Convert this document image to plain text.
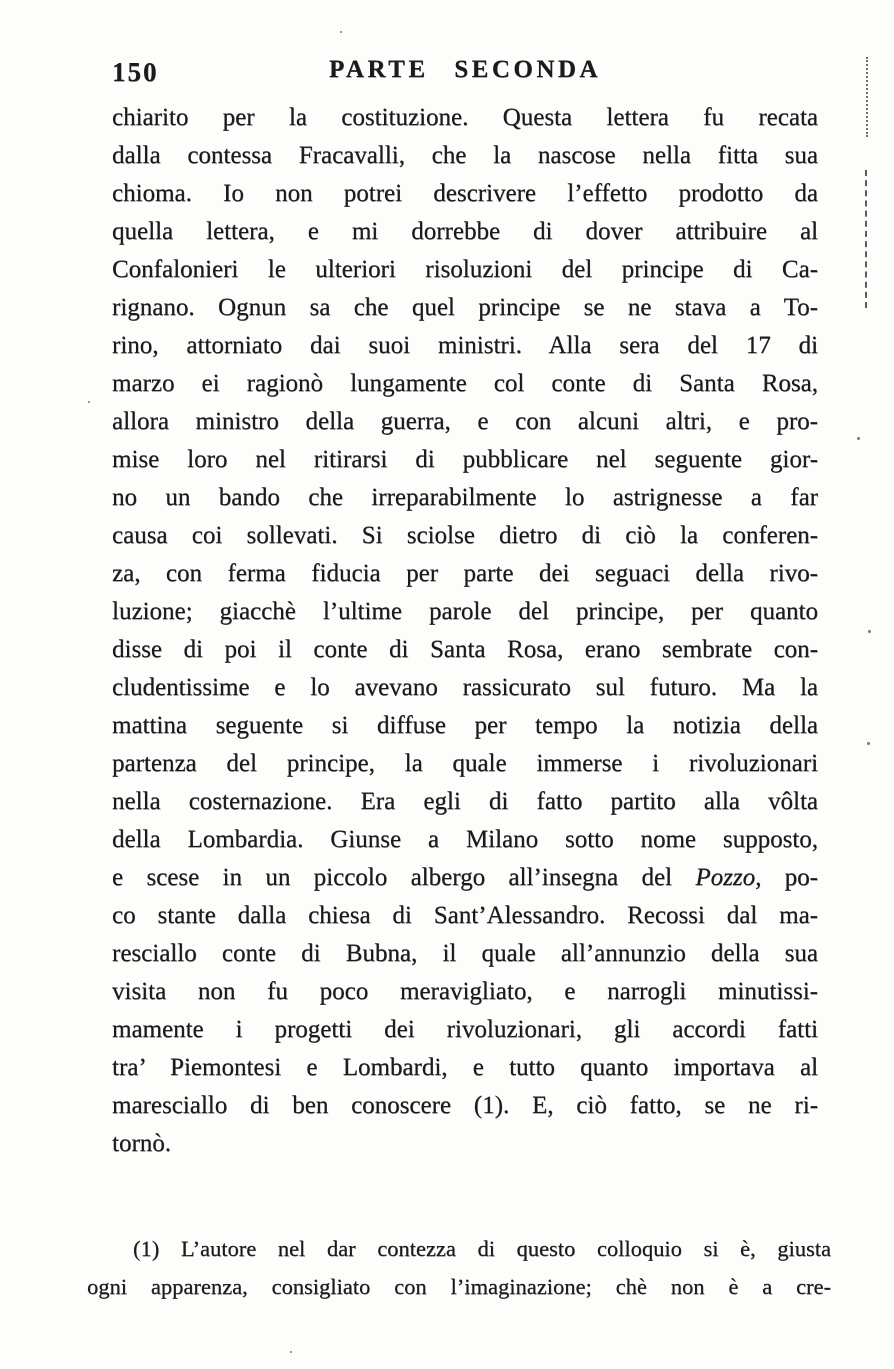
150	PARTE SECONDA
chiarito per la costituzione. Questa lettera fu recata
dalla contessa Fracavalli, che la nascose nella fitta sua
chioma. Io non potrei descrivere l’effetto prodotto da
quella lettera, e mi dorrebbe di dover attribuire al
Confalonieri le ulteriori risoluzioni del principe di Ca-
rignano. Ognun sa che quel principe se ne stava a To-
rino, attorniato dai suoi ministri. Alla sera del 17 di
marzo ei ragionò lungamente col conte di Santa Rosa,
allora ministro della guerra, e con alcuni altri, e pro-
mise loro nel ritirarsi di pubblicare nel seguente gior-
no un bando che irreparabilmente lo astrignesse a far
causa coi sollevati. Si sciolse dietro di ciò la conferen-
za, con ferma fiducia per parte dei seguaci della rivo-
luzione; giacchè l’ultime parole del principe, per quanto
disse di poi il conte di Santa Rosa, erano sembrate con-
cludentissime e lo avevano rassicurato sul futuro. Ma la
mattina seguente si diffuse per tempo la notizia della
partenza del principe, la quale immerse i rivoluzionari
nella costernazione. Era egli di fatto partito alla vôlta
della Lombardia. Giunse a Milano sotto nome supposto,
e scese in un piccolo albergo all’insegna del Pozzo, po-
co stante dalla chiesa di Sant’Alessandro. Recossi dal ma-
resciallo conte di Bubna, il quale all’annunzio della sua
visita non fu poco meravigliato, e narrogli minutissi-
mamente i progetti dei rivoluzionari, gli accordi fatti
tra’ Piemontesi e Lombardi, e tutto quanto importava al
maresciallo di ben conoscere (1). E, ciò fatto, se ne ri-
tornò.
(1) L’autore nel dar contezza di questo colloquio si è, giusta
ogni apparenza, consigliato con l’imaginazione; chè non è a cre-
